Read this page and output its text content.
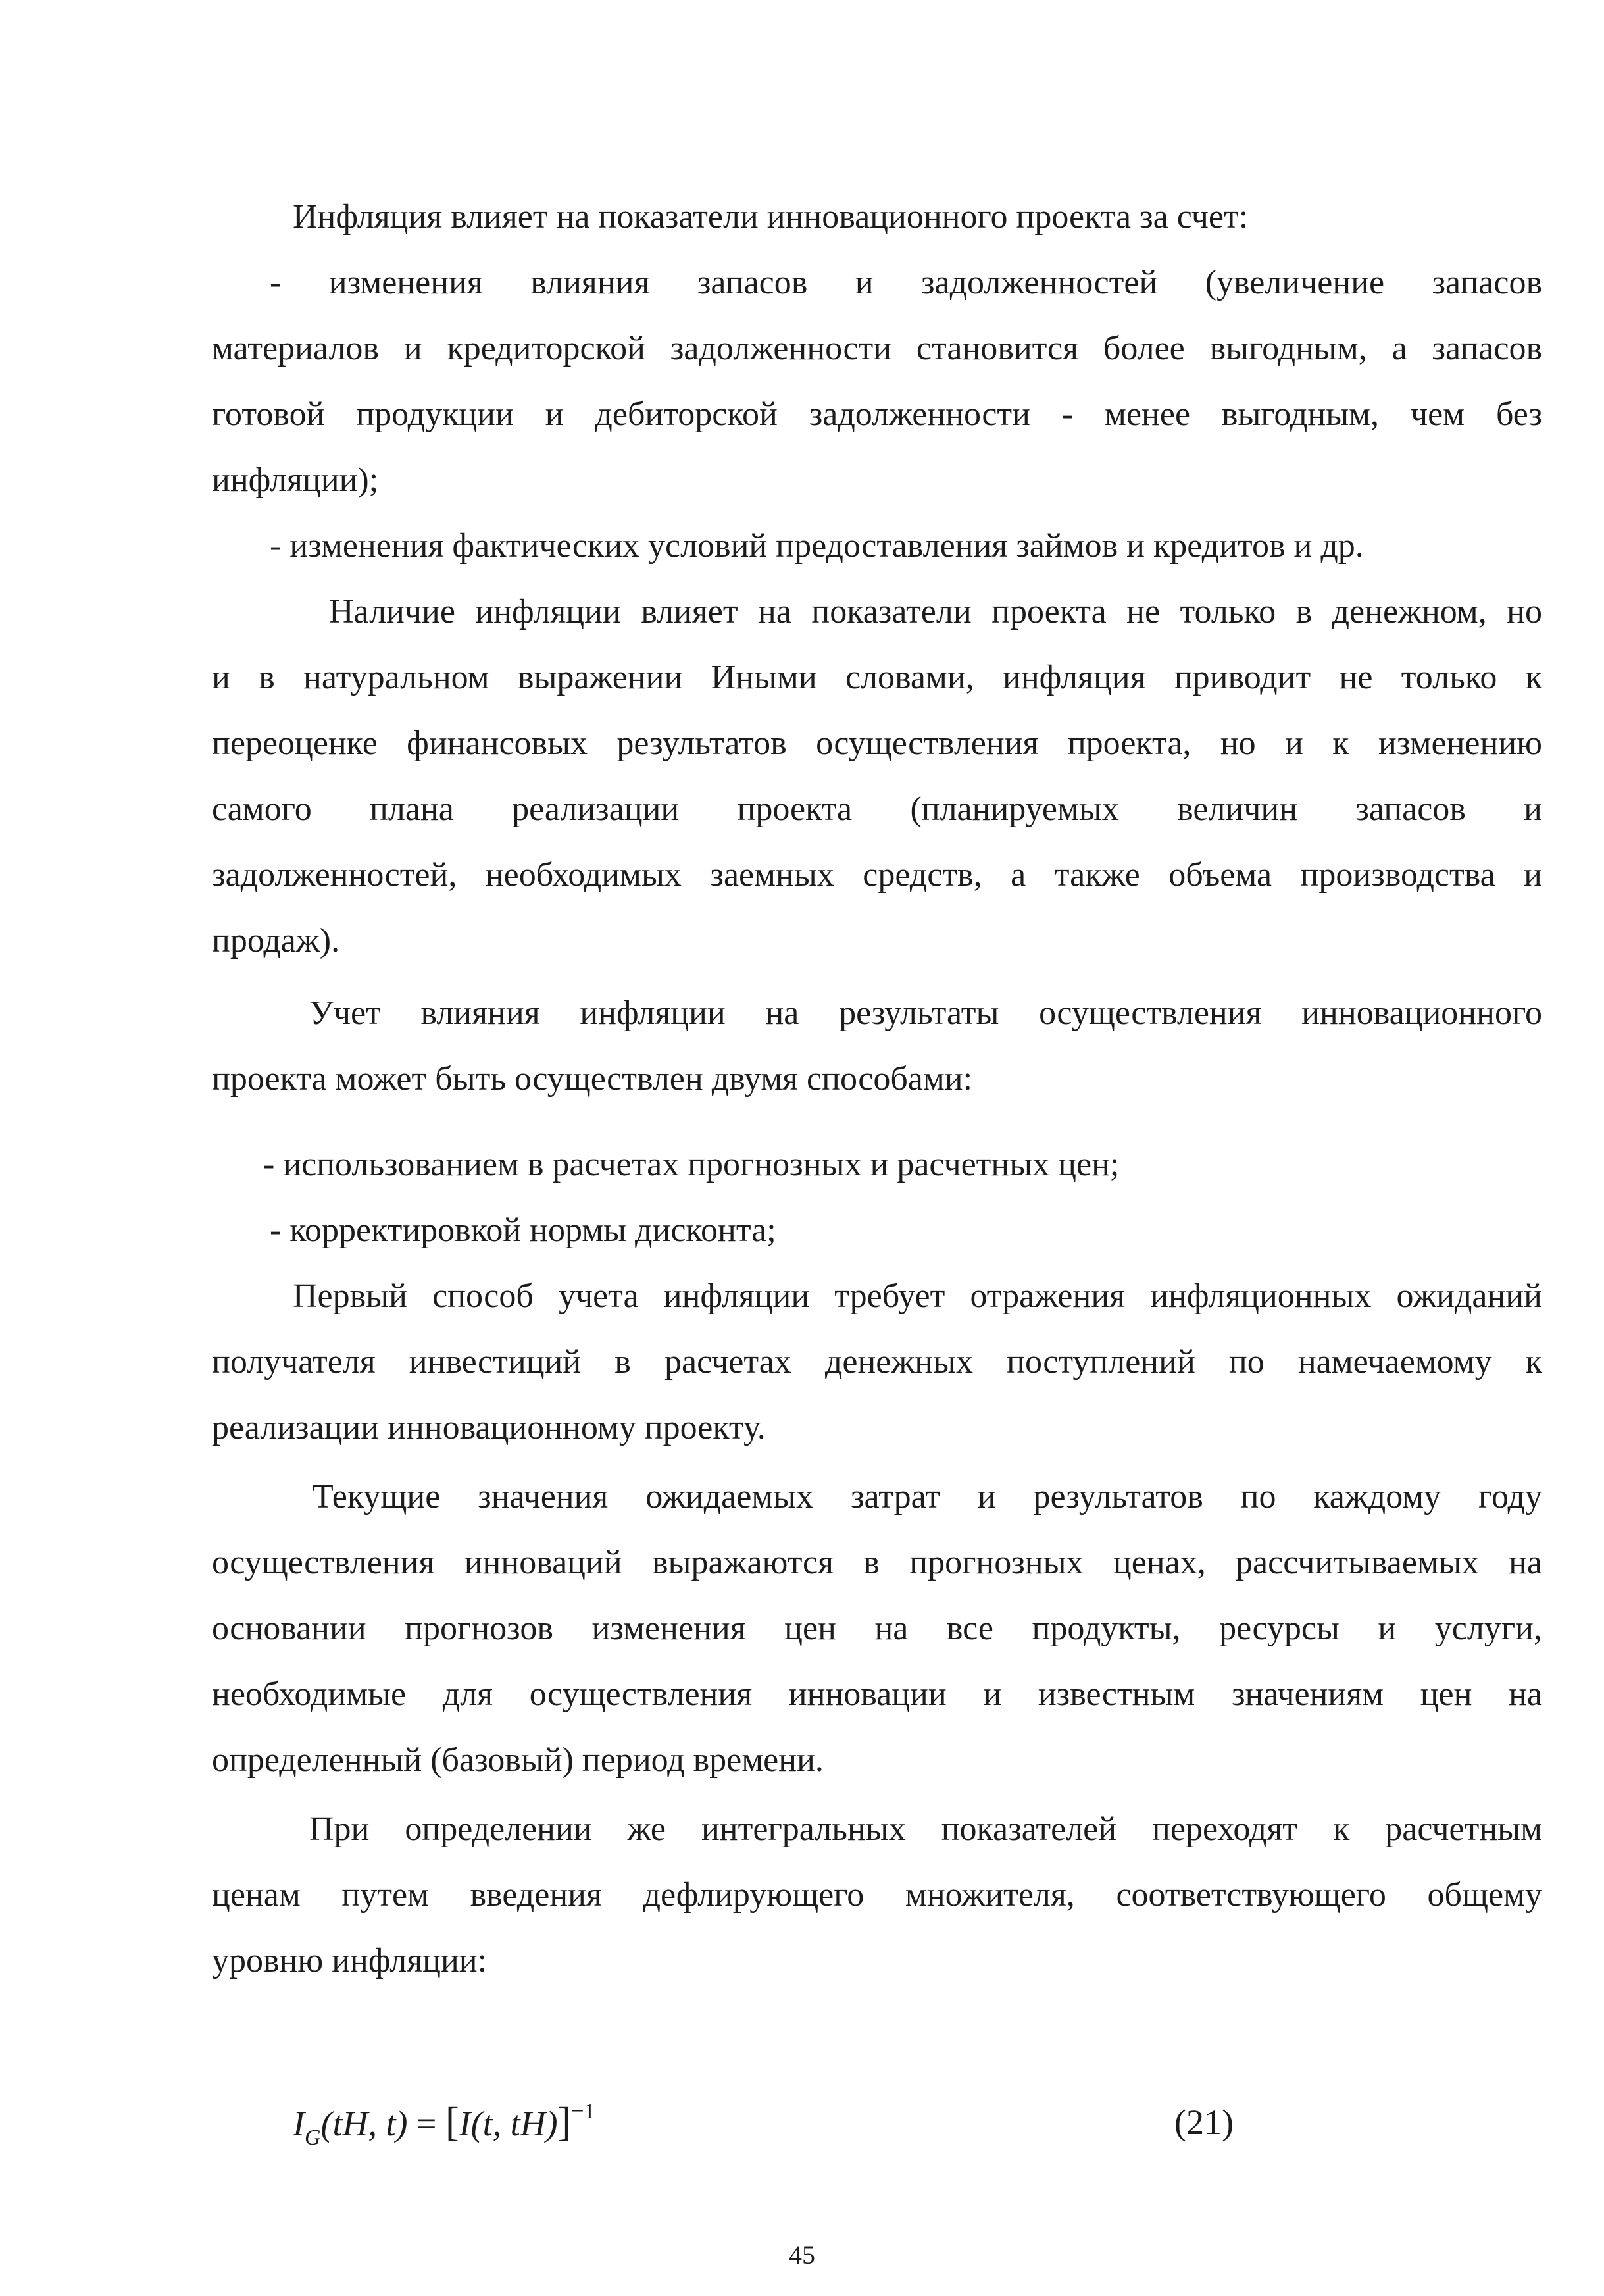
Инфляция влияет на показатели инновационного проекта за счет:

- изменения влияния запасов и задолженностей (увеличение запасов

материалов и кредиторской задолженности становится более выгодным, а запасов

готовой продукции и дебиторской задолженности - менее выгодным, чем без

инфляции);

- изменения фактических условий предоставления займов и кредитов и др.

Наличие инфляции влияет на показатели проекта не только в денежном, но

и в натуральном выражении Иными словами, инфляция приводит не только к

переоценке финансовых результатов осуществления проекта, но и к изменению

самого плана реализации проекта (планируемых величин запасов и

задолженностей, необходимых заемных средств, а также объема производства и

продаж).

Учет влияния инфляции на результаты осуществления инновационного

проекта может быть осуществлен двумя способами:

- использованием в расчетах прогнозных и расчетных цен;

- корректировкой нормы дисконта;

Первый способ учета инфляции требует отражения инфляционных ожиданий

получателя инвестиций в расчетах денежных поступлений по намечаемому к

реализации инновационному проекту.

Текущие значения ожидаемых затрат и результатов по каждому году

осуществления инноваций выражаются в прогнозных ценах, рассчитываемых на

основании прогнозов изменения цен на все продукты, ресурсы и услуги,

необходимые для осуществления инновации и известным значениям цен на

определенный (базовый) период времени.

При определении же интегральных показателей переходят к расчетным

ценам путем введения дефлирующего множителя, соответствующего общему

уровню инфляции:

$I_G(tH$, t) = [I(t, tH)]$^{-1}$	(21)
45
